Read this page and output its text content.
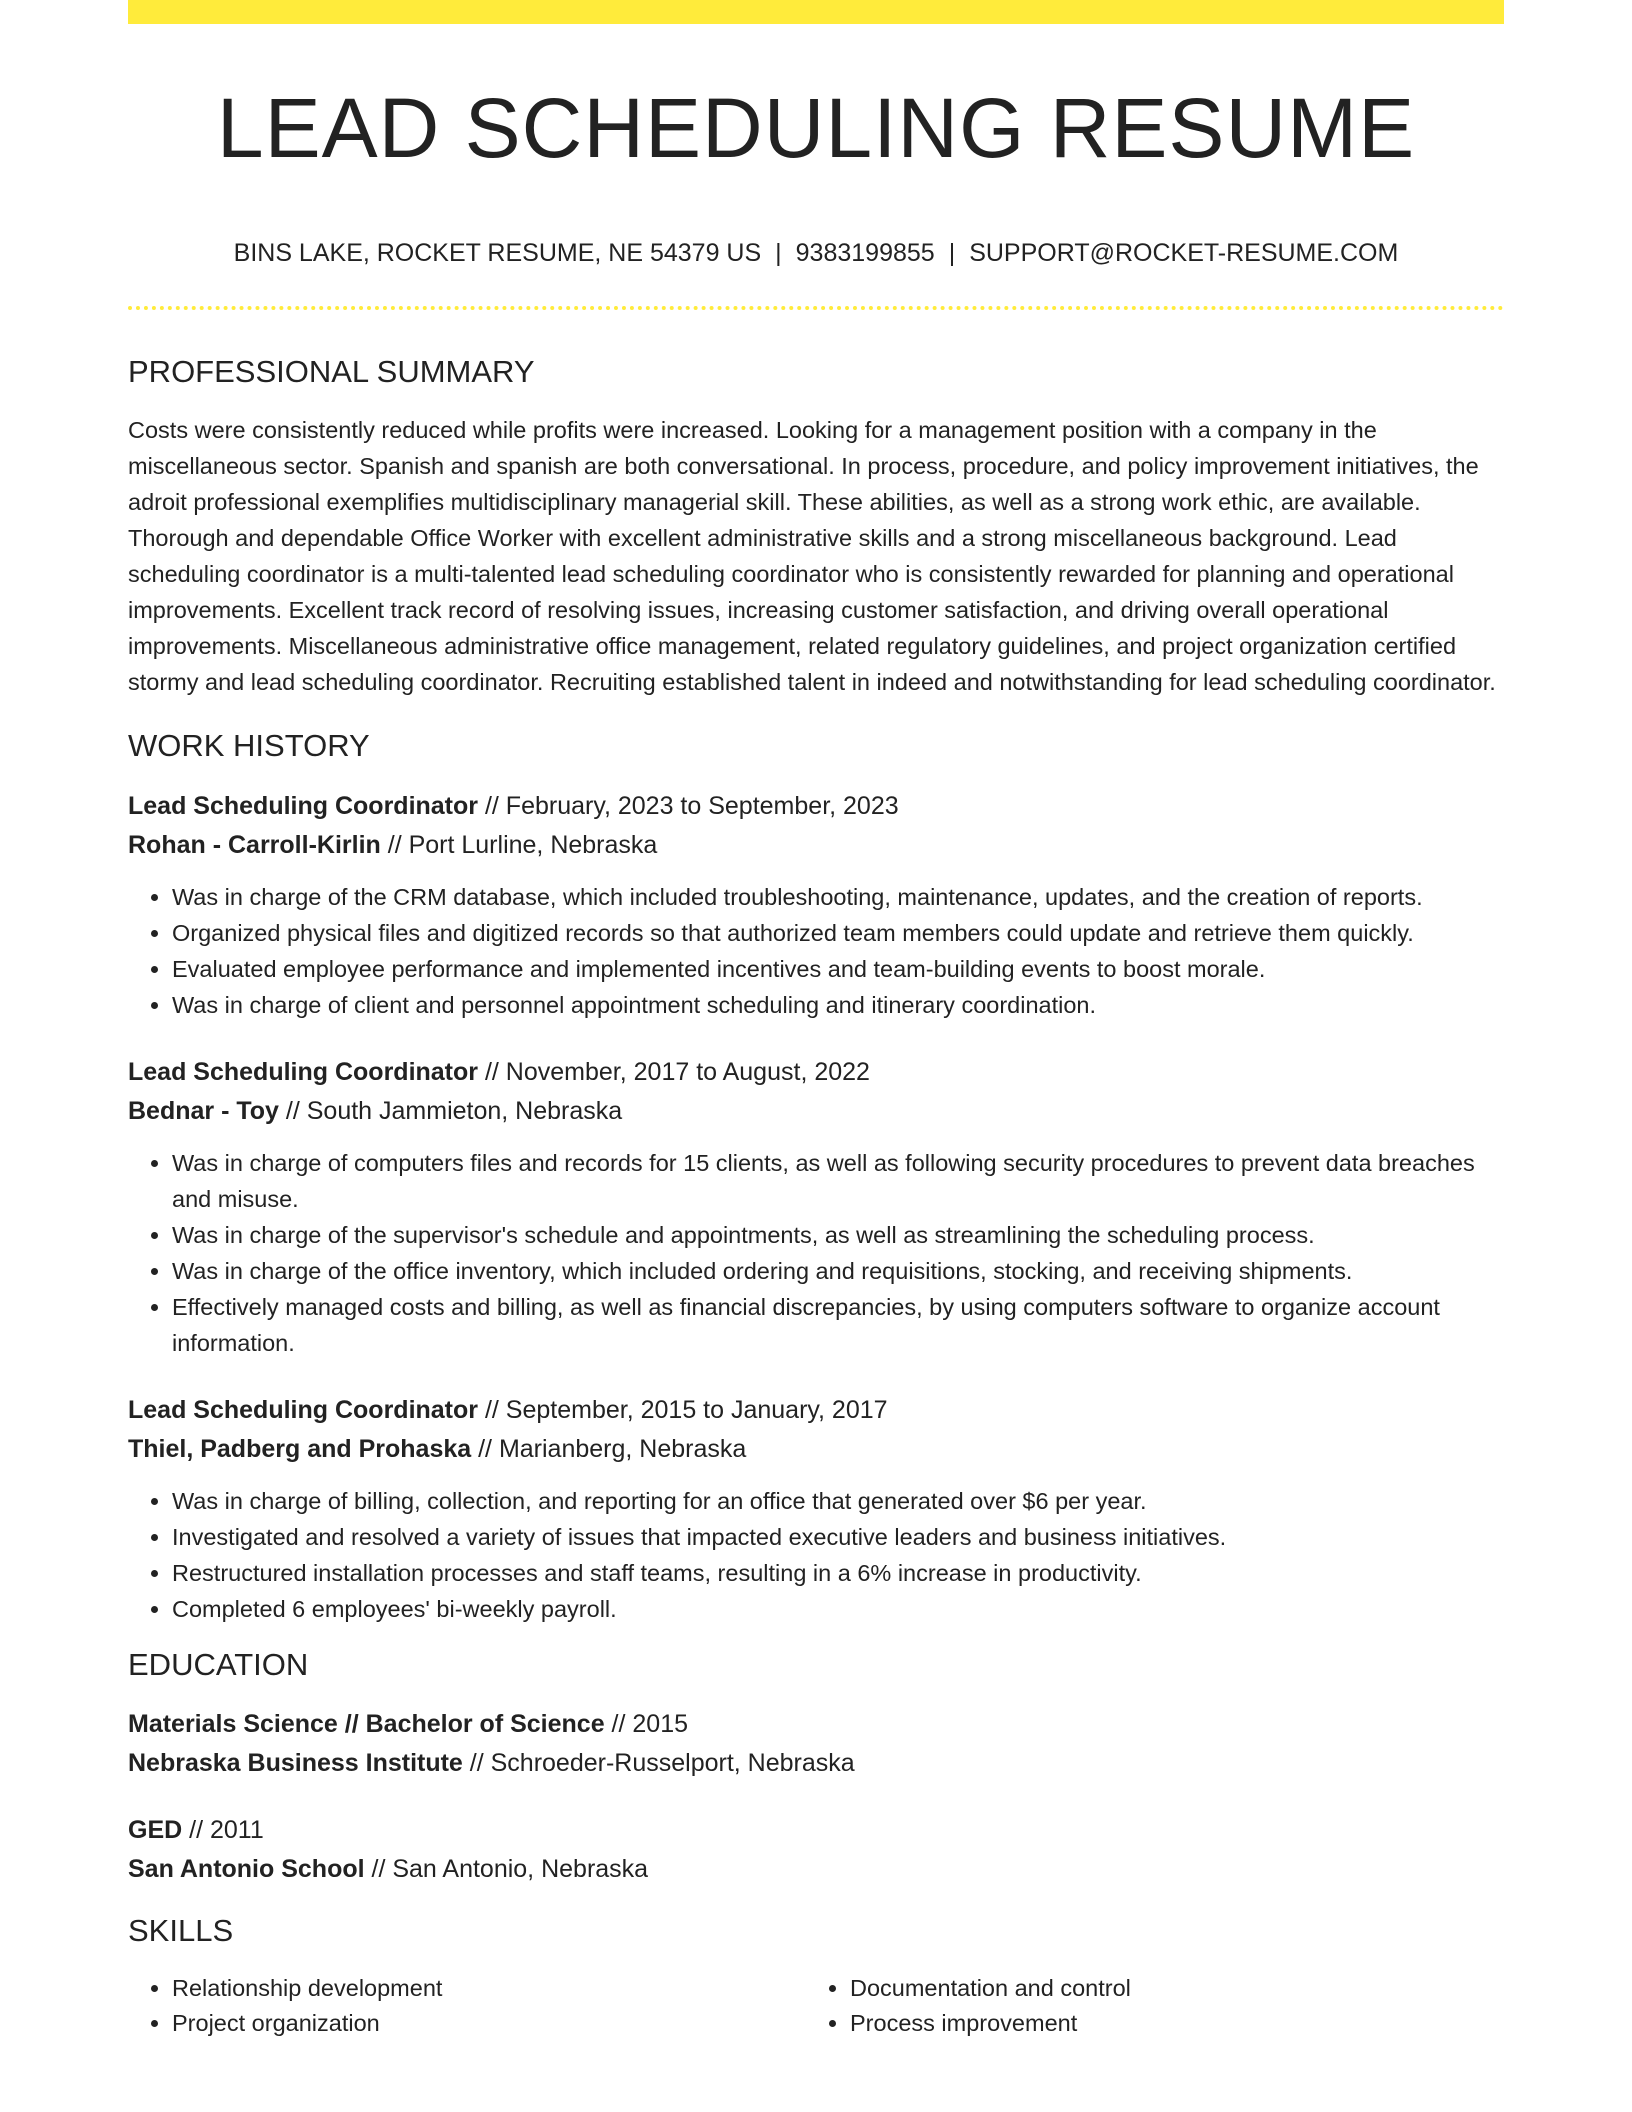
LEAD SCHEDULING RESUME
BINS LAKE, ROCKET RESUME, NE 54379 US | 9383199855 | SUPPORT@ROCKET-RESUME.COM
PROFESSIONAL SUMMARY

Costs were consistently reduced while profits were increased. Looking for a management position with a company in the miscellaneous sector. Spanish and spanish are both conversational. In process, procedure, and policy improvement initiatives, the adroit professional exemplifies multidisciplinary managerial skill. These abilities, as well as a strong work ethic, are available. Thorough and dependable Office Worker with excellent administrative skills and a strong miscellaneous background. Lead scheduling coordinator is a multi-talented lead scheduling coordinator who is consistently rewarded for planning and operational improvements. Excellent track record of resolving issues, increasing customer satisfaction, and driving overall operational improvements. Miscellaneous administrative office management, related regulatory guidelines, and project organization certified stormy and lead scheduling coordinator. Recruiting established talent in indeed and notwithstanding for lead scheduling coordinator.

WORK HISTORY
Lead Scheduling Coordinator // February, 2023 to September, 2023
Rohan - Carroll-Kirlin // Port Lurline, Nebraska
• Was in charge of the CRM database, which included troubleshooting, maintenance, updates, and the creation of reports.
• Organized physical files and digitized records so that authorized team members could update and retrieve them quickly.
• Evaluated employee performance and implemented incentives and team-building events to boost morale.
• Was in charge of client and personnel appointment scheduling and itinerary coordination.
Lead Scheduling Coordinator // November, 2017 to August, 2022
Bednar - Toy // South Jammieton, Nebraska
• Was in charge of computers files and records for 15 clients, as well as following security procedures to prevent data breaches and misuse.
• Was in charge of the supervisor's schedule and appointments, as well as streamlining the scheduling process.
• Was in charge of the office inventory, which included ordering and requisitions, stocking, and receiving shipments.
• Effectively managed costs and billing, as well as financial discrepancies, by using computers software to organize account information.
Lead Scheduling Coordinator // September, 2015 to January, 2017
Thiel, Padberg and Prohaska // Marianberg, Nebraska
• Was in charge of billing, collection, and reporting for an office that generated over $6 per year.
• Investigated and resolved a variety of issues that impacted executive leaders and business initiatives.
• Restructured installation processes and staff teams, resulting in a 6% increase in productivity.
• Completed 6 employees' bi-weekly payroll.
EDUCATION
Materials Science // Bachelor of Science // 2015
Nebraska Business Institute // Schroeder-Russelport, Nebraska
GED // 2011
San Antonio School // San Antonio, Nebraska
SKILLS
• Relationship development
• Project organization
• Documentation and control
• Process improvement
